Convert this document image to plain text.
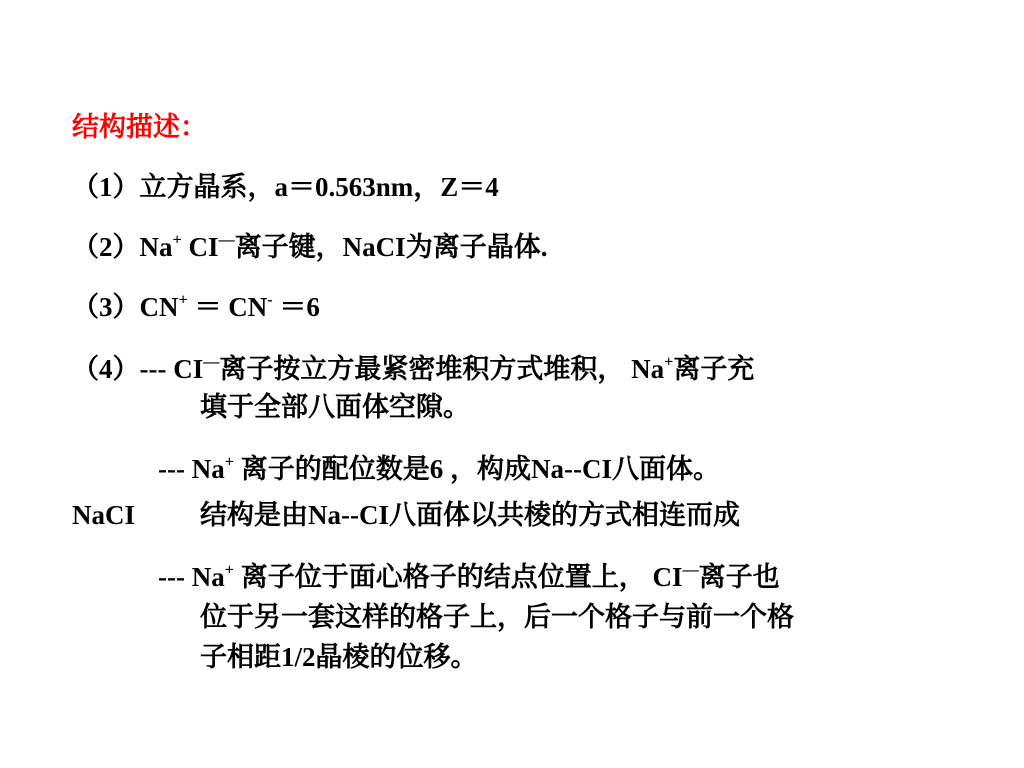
结构描述：
（1）立方晶系，a＝0.563nm，Z＝4
（2）Na+ CI—离子键，NaCI为离子晶体.
（3）CN+ ＝ CN- ＝6
（4）--- CI—离子按立方最紧密堆积方式堆积， Na+离子充
填于全部八面体空隙。
--- Na+ 离子的配位数是6 ，构成Na--CI八面体。
NaCI 结构是由Na--CI八面体以共棱的方式相连而成
--- Na+ 离子位于面心格子的结点位置上， CI—离子也
位于另一套这样的格子上，后一个格子与前一个格
子相距1/2晶棱的位移。
